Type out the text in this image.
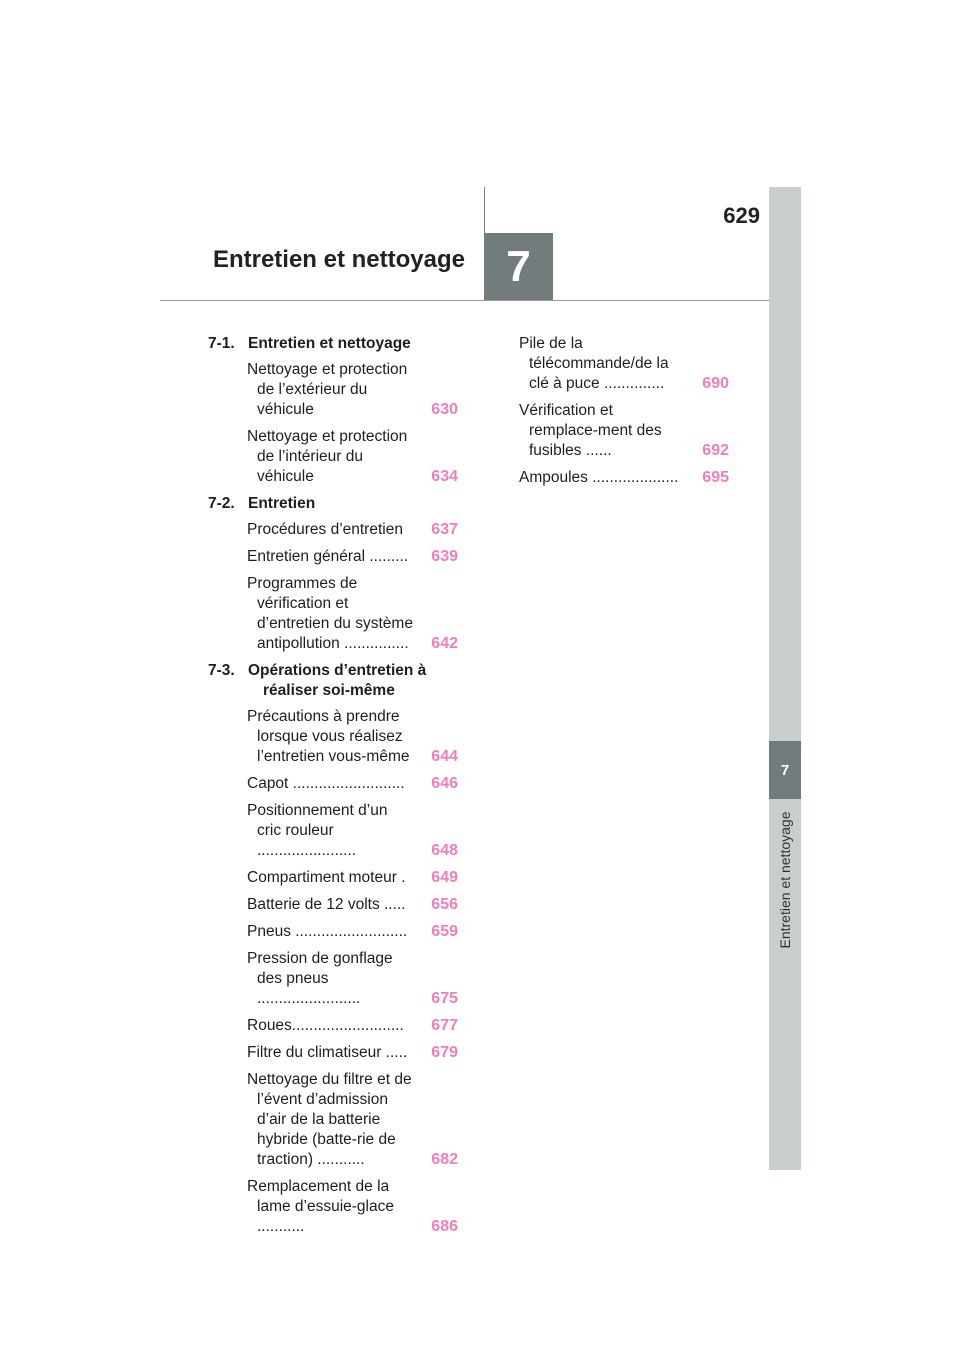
629
7
Entretien et nettoyage
7
Entretien et nettoyage
7-1. Entretien et nettoyage
Nettoyage et protection de l’extérieur du véhicule	630
Nettoyage et protection de l’intérieur du véhicule	634
7-2. Entretien
Procédures d’entretien	637
Entretien général .........	639
Programmes de vérification et d’entretien du système antipollution ...............	642
7-3. Opérations d’entretien à réaliser soi-même
Précautions à prendre lorsque vous réalisez l’entretien vous-même 644
Capot ..........................	646
Positionnement d’un cric rouleur .......................	648
Compartiment moteur .	649
Batterie de 12 volts .....	656
Pneus ..........................	659
Pression de gonflage des pneus ........................	675
Roues..........................	677
Filtre du climatiseur .....	679
Nettoyage du filtre et de l’évent d’admission d’air de la batterie hybride (batte-rie de traction) ...........	682
Remplacement de la lame d’essuie-glace ...........	686
Pile de la télécommande/de la clé à puce ..............	690
Vérification et remplace-ment des fusibles ......	692
Ampoules ....................	695
